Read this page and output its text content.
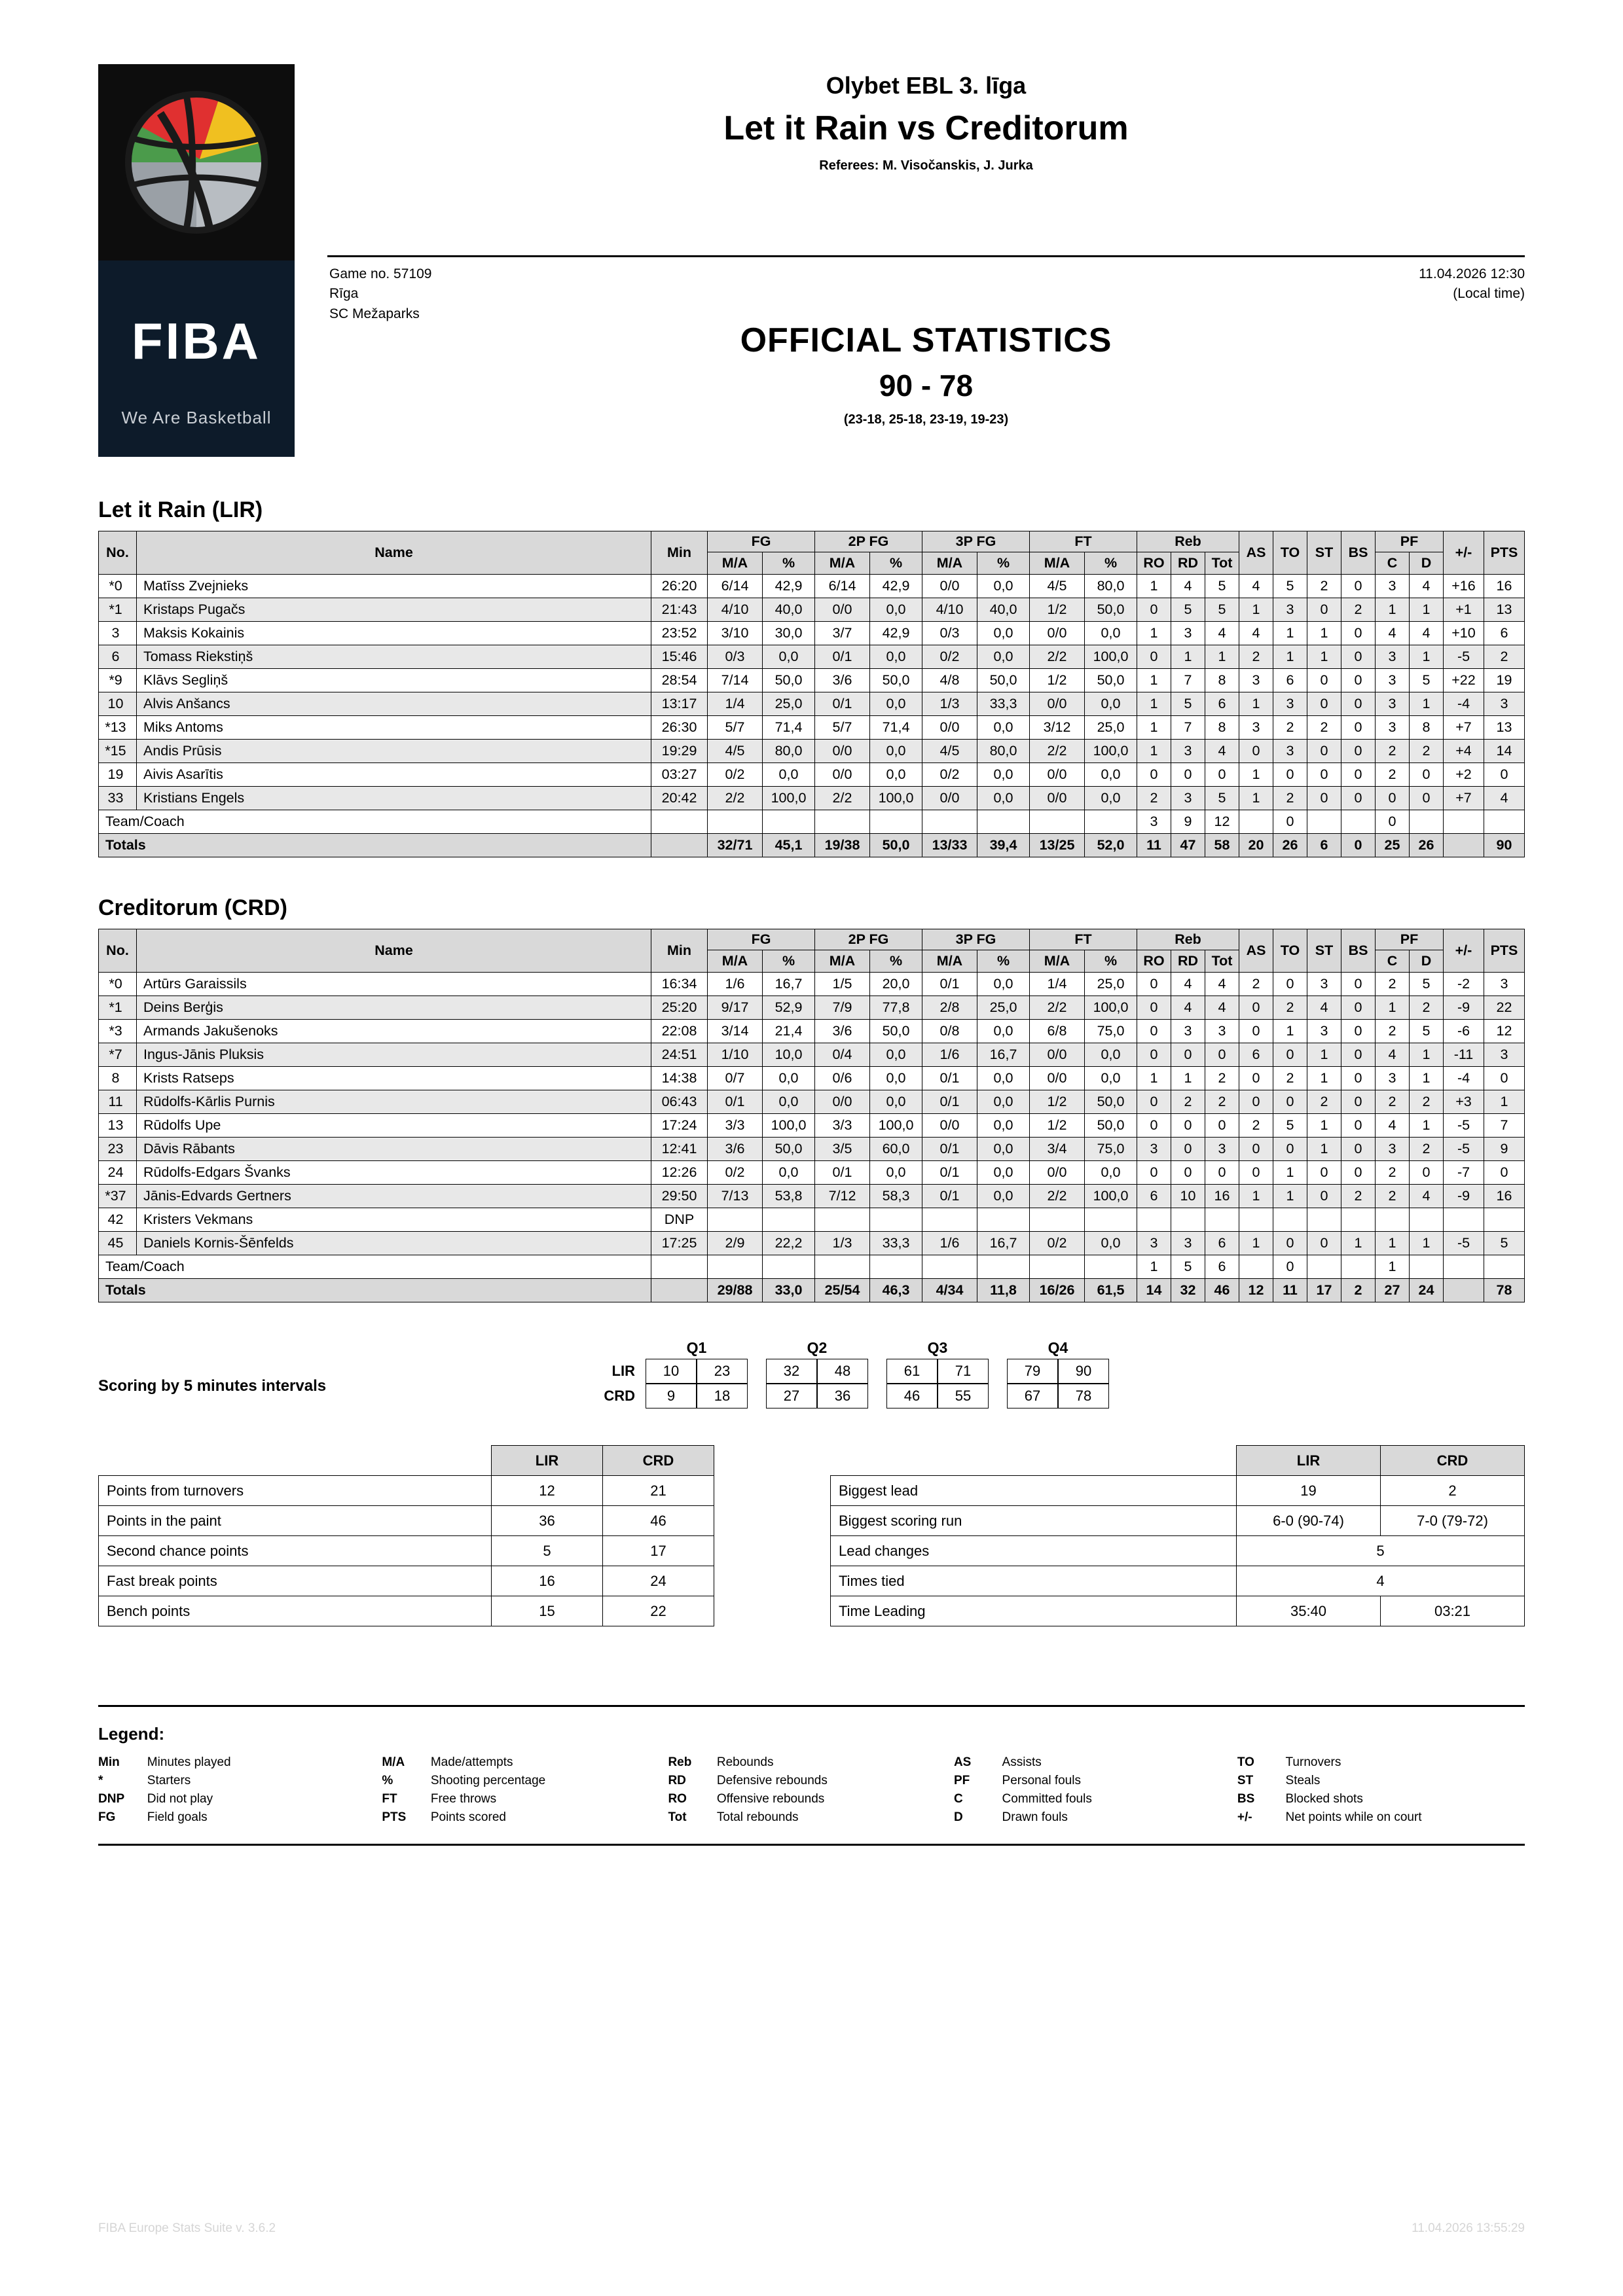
FIBA
We Are Basketball
Olybet EBL 3. līga
Let it Rain vs Creditorum
Referees: M. Visočanskis, J. Jurka
Game no. 57109
Rīga
SC Mežaparks
11.04.2026 12:30
(Local time)
OFFICIAL STATISTICS
90 - 78
(23-18, 25-18, 23-19, 19-23)
Let it Rain (LIR)
No.	Name	Min	FG		2P FG		3P FG		FT		Reb			AS	TO	ST	BS	PF		+/-	PTS
			M/A	%	M/A	%	M/A	%	M/A	%	RO	RD	Tot					C	D		
*0	Matīss Zvejnieks	26:20	6/14	42,9	6/14	42,9	0/0	0,0	4/5	80,0	1	4	5	4	5	2	0	3	4	+16	16
*1	Kristaps Pugačs	21:43	4/10	40,0	0/0	0,0	4/10	40,0	1/2	50,0	0	5	5	1	3	0	2	1	1	+1	13
3	Maksis Kokainis	23:52	3/10	30,0	3/7	42,9	0/3	0,0	0/0	0,0	1	3	4	4	1	1	0	4	4	+10	6
6	Tomass Riekstiņš	15:46	0/3	0,0	0/1	0,0	0/2	0,0	2/2	100,0	0	1	1	2	1	1	0	3	1	-5	2
*9	Klāvs Segliņš	28:54	7/14	50,0	3/6	50,0	4/8	50,0	1/2	50,0	1	7	8	3	6	0	0	3	5	+22	19
10	Alvis Anšancs	13:17	1/4	25,0	0/1	0,0	1/3	33,3	0/0	0,0	1	5	6	1	3	0	0	3	1	-4	3
*13	Miks Antoms	26:30	5/7	71,4	5/7	71,4	0/0	0,0	3/12	25,0	1	7	8	3	2	2	0	3	8	+7	13
*15	Andis Prūsis	19:29	4/5	80,0	0/0	0,0	4/5	80,0	2/2	100,0	1	3	4	0	3	0	0	2	2	+4	14
19	Aivis Asarītis	03:27	0/2	0,0	0/0	0,0	0/2	0,0	0/0	0,0	0	0	0	1	0	0	0	2	0	+2	0
33	Kristians Engels	20:42	2/2	100,0	2/2	100,0	0/0	0,0	0/0	0,0	2	3	5	1	2	0	0	0	0	+7	4
Team/Coach											3	9	12		0			0			
Totals			32/71	45,1	19/38	50,0	13/33	39,4	13/25	52,0	11	47	58	20	26	6	0	25	26		90
Creditorum (CRD)
No.	Name	Min	FG		2P FG		3P FG		FT		Reb			AS	TO	ST	BS	PF		+/-	PTS
			M/A	%	M/A	%	M/A	%	M/A	%	RO	RD	Tot					C	D		
*0	Artūrs Garaissils	16:34	1/6	16,7	1/5	20,0	0/1	0,0	1/4	25,0	0	4	4	2	0	3	0	2	5	-2	3
*1	Deins Berģis	25:20	9/17	52,9	7/9	77,8	2/8	25,0	2/2	100,0	0	4	4	0	2	4	0	1	2	-9	22
*3	Armands Jakušenoks	22:08	3/14	21,4	3/6	50,0	0/8	0,0	6/8	75,0	0	3	3	0	1	3	0	2	5	-6	12
*7	Ingus-Jānis Pluksis	24:51	1/10	10,0	0/4	0,0	1/6	16,7	0/0	0,0	0	0	0	6	0	1	0	4	1	-11	3
8	Krists Ratseps	14:38	0/7	0,0	0/6	0,0	0/1	0,0	0/0	0,0	1	1	2	0	2	1	0	3	1	-4	0
11	Rūdolfs-Kārlis Purnis	06:43	0/1	0,0	0/0	0,0	0/1	0,0	1/2	50,0	0	2	2	0	0	2	0	2	2	+3	1
13	Rūdolfs Upe	17:24	3/3	100,0	3/3	100,0	0/0	0,0	1/2	50,0	0	0	0	2	5	1	0	4	1	-5	7
23	Dāvis Rābants	12:41	3/6	50,0	3/5	60,0	0/1	0,0	3/4	75,0	3	0	3	0	0	1	0	3	2	-5	9
24	Rūdolfs-Edgars Švanks	12:26	0/2	0,0	0/1	0,0	0/1	0,0	0/0	0,0	0	0	0	0	1	0	0	2	0	-7	0
*37	Jānis-Edvards Gertners	29:50	7/13	53,8	7/12	58,3	0/1	0,0	2/2	100,0	6	10	16	1	1	0	2	2	4	-9	16
42	Kristers Vekmans	DNP																			
45	Daniels Kornis-Šēnfelds	17:25	2/9	22,2	1/3	33,3	1/6	16,7	0/2	0,0	3	3	6	1	0	0	1	1	1	-5	5
Team/Coach											1	5	6		0			1			
Totals			29/88	33,0	25/54	46,3	4/34	11,8	16/26	61,5	14	32	46	12	11	17	2	27	24		78
Scoring by 5 minutes intervals
	Q1			Q2			Q3			Q4	
LIR	10	23		32	48		61	71		79	90
CRD	9	18		27	36		46	55		67	78
	LIR	CRD
Points from turnovers	12	21
Points in the paint	36	46
Second chance points	5	17
Fast break points	16	24
Bench points	15	22
	LIR	CRD
Biggest lead	19	2
Biggest scoring run	6-0 (90-74)	7-0 (79-72)
Lead changes	5	
Times tied	4	
Time Leading	35:40	03:21
Legend:
Min	Minutes played	M/A	Made/attempts	Reb	Rebounds	AS	Assists	TO	Turnovers
*	Starters	%	Shooting percentage	RD	Defensive rebounds	PF	Personal fouls	ST	Steals
DNP	Did not play	FT	Free throws	RO	Offensive rebounds	C	Committed fouls	BS	Blocked shots
FG	Field goals	PTS	Points scored	Tot	Total rebounds	D	Drawn fouls	+/-	Net points while on court
FIBA Europe Stats Suite v. 3.6.2	11.04.2026 13:55:29
